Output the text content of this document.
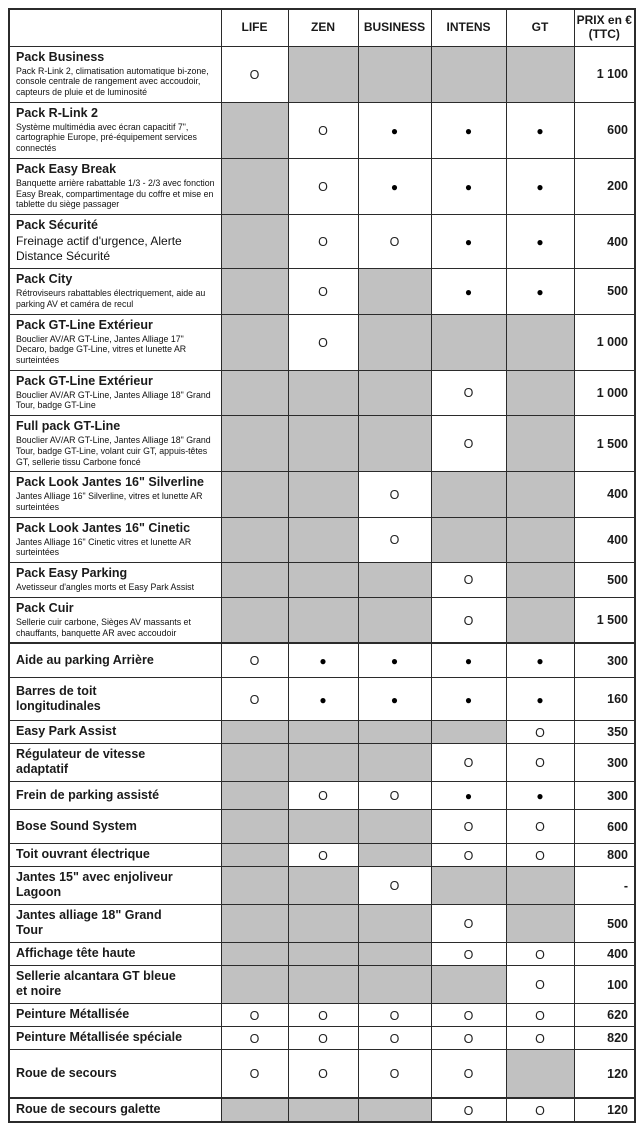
	LIFE	ZEN	BUSINESS	INTENS	GT	PRIX en € (TTC)

Pack Business
Pack R-Link 2, climatisation automatique bi-zone, console centrale de rangement avec accoudoir, capteurs de pluie et de luminosité	O					1 100

Pack R-Link 2
Système multimédia avec écran capacitif 7", cartographie Europe, pré-équipement services connectés		O	●	●	●	600

Pack Easy Break
Banquette arrière rabattable 1/3 - 2/3 avec fonction Easy Break, compartimentage du coffre et mise en tablette du siège passager		O	●	●	●	200

Pack Sécurité
Freinage actif d'urgence, Alerte Distance Sécurité		O	O	●	●	400

Pack City
Rétroviseurs rabattables électriquement, aide au parking AV et caméra de recul		O		●	●	500

Pack GT-Line Extérieur
Bouclier AV/AR GT-Line, Jantes Alliage 17" Decaro, badge GT-Line, vitres et lunette AR surteintées		O				1 000

Pack GT-Line Extérieur
Bouclier AV/AR GT-Line, Jantes Alliage 18" Grand Tour, badge GT-Line				O		1 000

Full pack GT-Line
Bouclier AV/AR GT-Line, Jantes Alliage 18" Grand Tour, badge GT-Line, volant cuir GT, appuis-têtes GT, sellerie tissu Carbone foncé				O		1 500

Pack Look Jantes 16" Silverline
Jantes Alliage 16" Silverline, vitres et lunette AR surteintées			O			400

Pack Look Jantes 16" Cinetic
Jantes Alliage 16" Cinetic vitres et lunette AR surteintées			O			400

Pack Easy Parking
Avetisseur d'angles morts et Easy Park Assist				O		500

Pack Cuir
Sellerie cuir carbone, Sièges AV massants et chauffants, banquette AR avec accoudoir				O		1 500

Aide au parking Arrière	O	●	●	●	●	300

Barres de toit longitudinales	O	●	●	●	●	160

Easy Park Assist					O	350

Régulateur de vitesse adaptatif				O	O	300

Frein de parking assisté		O	O	●	●	300

Bose Sound System				O	O	600

Toit ouvrant électrique		O		O	O	800

Jantes 15" avec enjoliveur Lagoon			O			-

Jantes alliage 18" Grand Tour				O		500

Affichage tête haute				O	O	400

Sellerie alcantara GT bleue et noire					O	100

Peinture Métallisée	O	O	O	O	O	620

Peinture Métallisée spéciale	O	O	O	O	O	820

Roue de secours	O	O	O	O		120

Roue de secours galette				O	O	120
